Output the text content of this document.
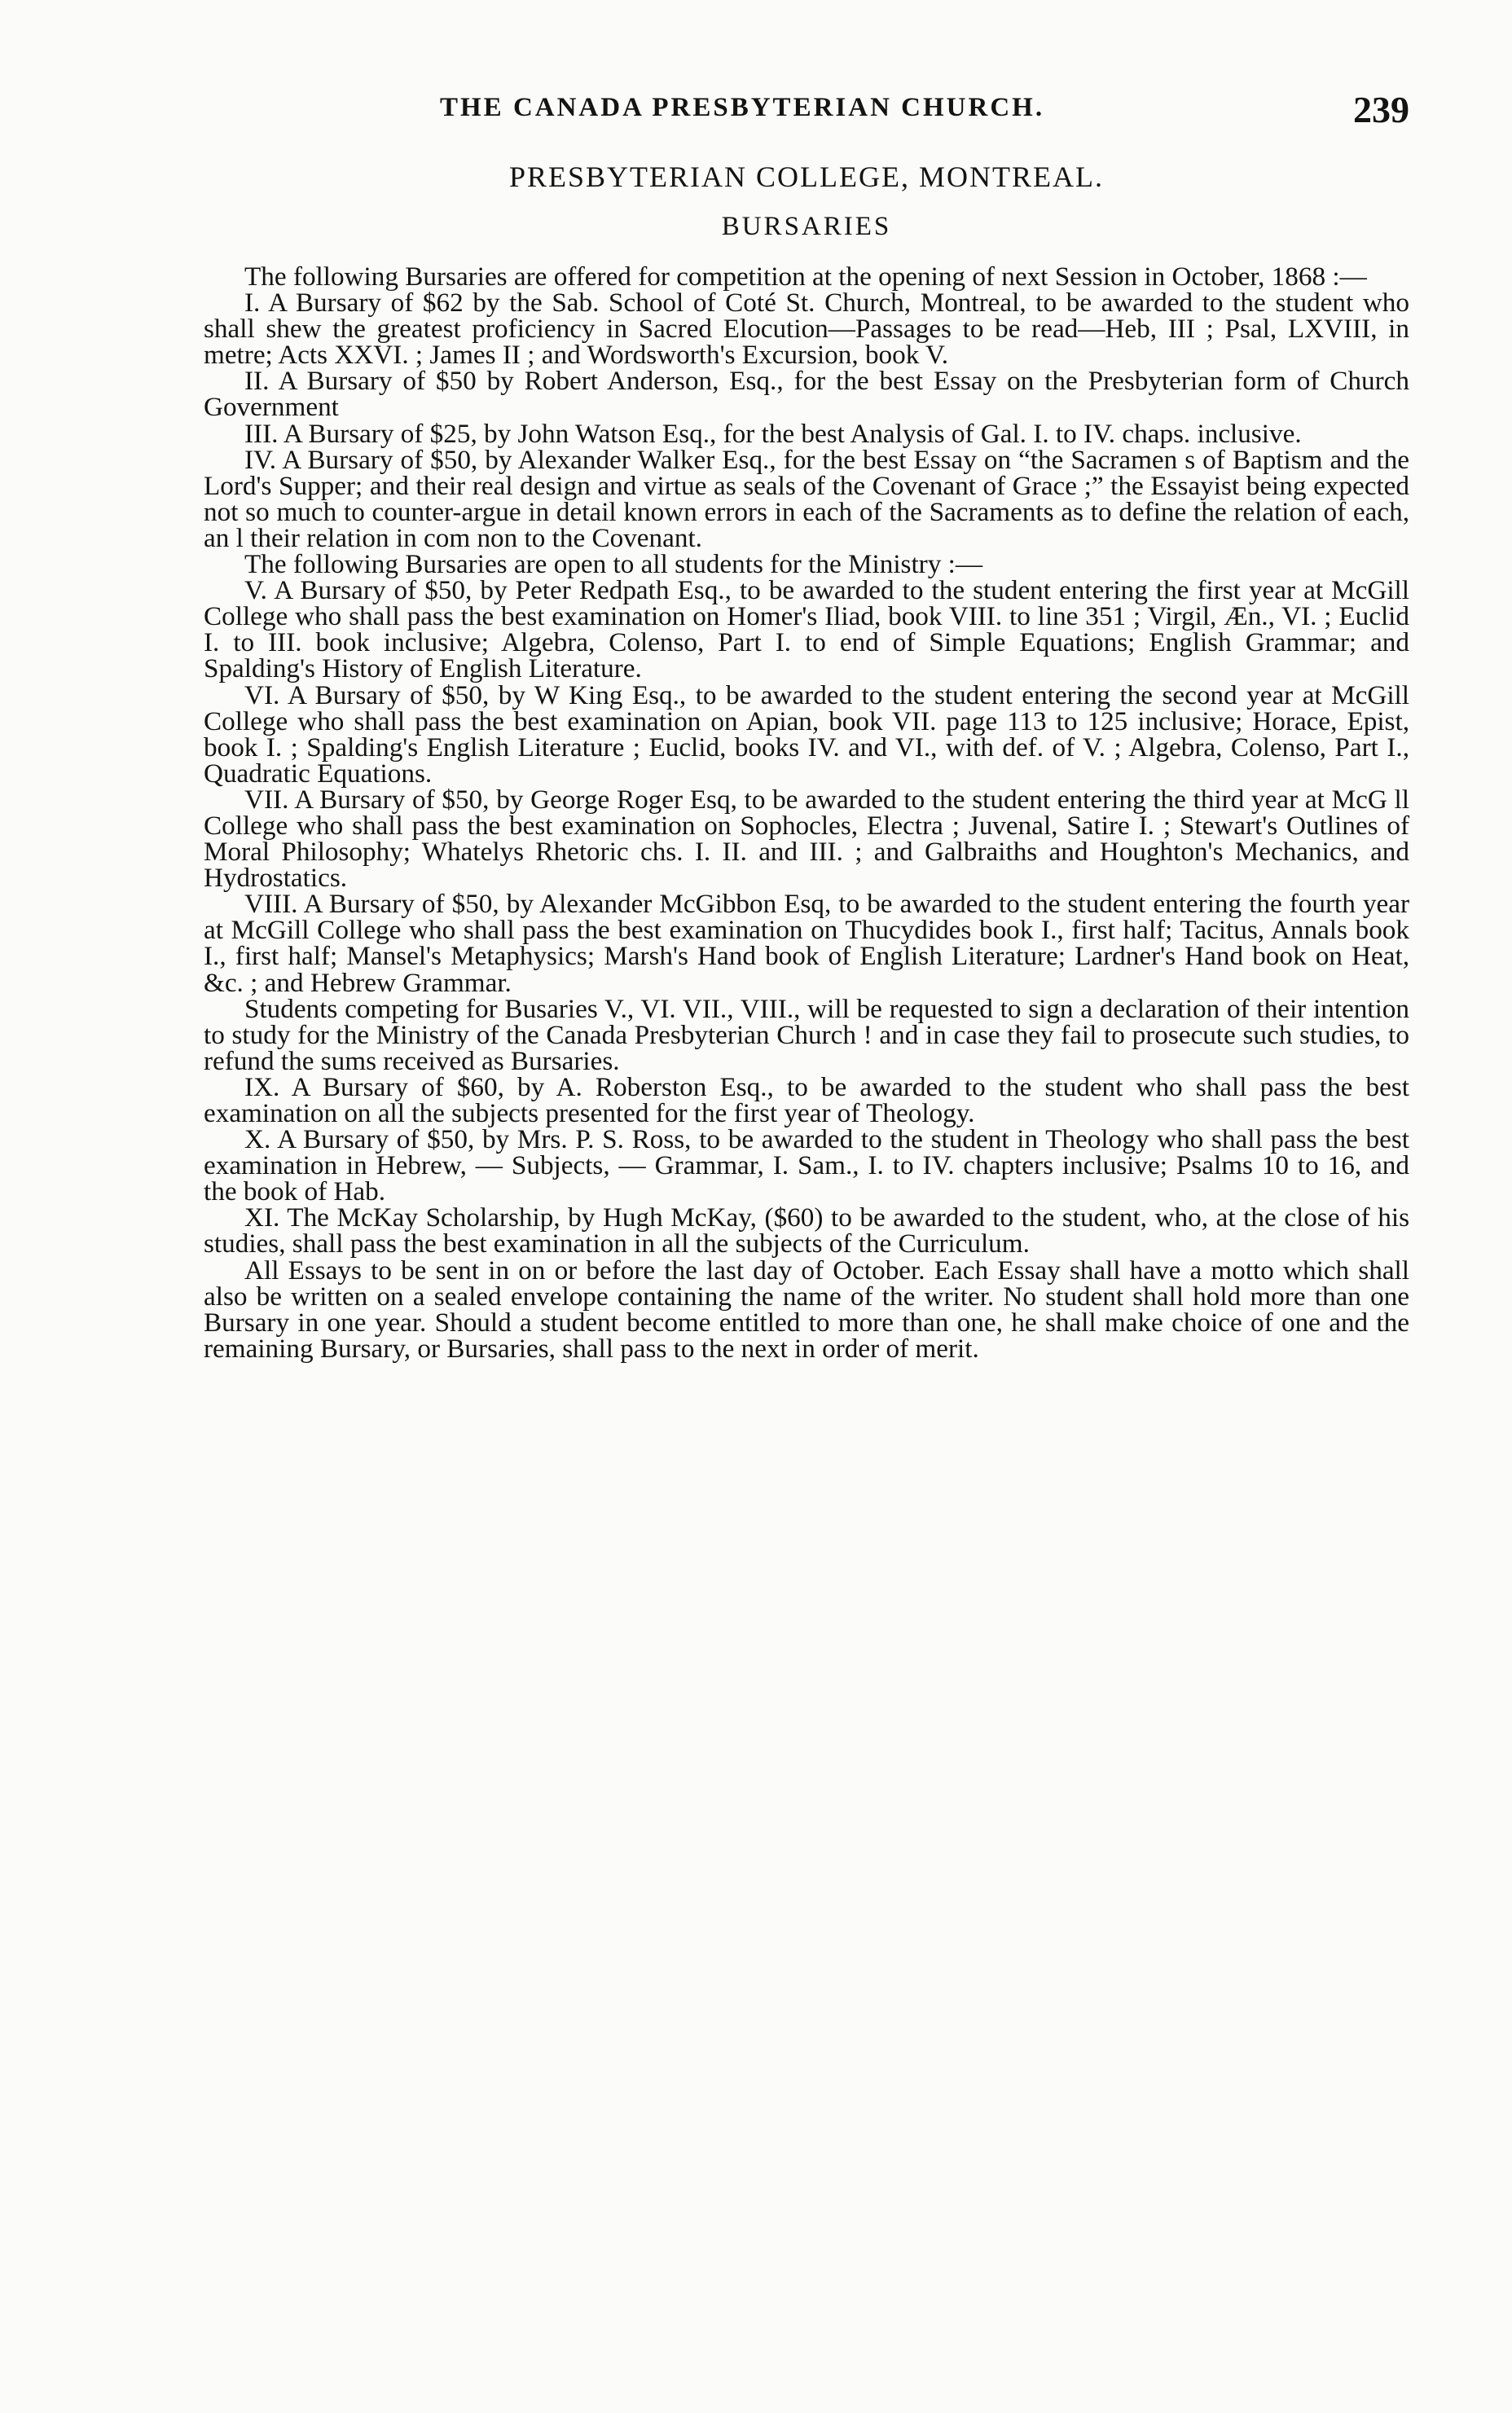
THE CANADA PRESBYTERIAN CHURCH.	239
PRESBYTERIAN COLLEGE, MONTREAL.
BURSARIES

The following Bursaries are offered for competition at the opening of next Session in October, 1868 :—

I. A Bursary of $62 by the Sab. School of Coté St. Church, Montreal, to be awarded to the student who shall shew the greatest proficiency in Sacred Elocution—Passages to be read—Heb, III ; Psal, LXVIII, in metre; Acts XXVI. ; James II ; and Wordsworth's Excursion, book V.

II. A Bursary of $50 by Robert Anderson, Esq., for the best Essay on the Presbyterian form of Church Government

III. A Bursary of $25, by John Watson Esq., for the best Analysis of Gal. I. to IV. chaps. inclusive.

IV. A Bursary of $50, by Alexander Walker Esq., for the best Essay on “the Sacramen s of Baptism and the Lord's Supper; and their real design and virtue as seals of the Covenant of Grace ;” the Essayist being expected not so much to counter-argue in detail known errors in each of the Sacraments as to define the relation of each, an l their relation in com non to the Covenant.

The following Bursaries are open to all students for the Ministry :—

V. A Bursary of $50, by Peter Redpath Esq., to be awarded to the student entering the first year at McGill College who shall pass the best examination on Homer's Iliad, book VIII. to line 351 ; Virgil, Æn., VI. ; Euclid I. to III. book inclusive; Algebra, Colenso, Part I. to end of Simple Equations; English Grammar; and Spalding's History of English Literature.

VI. A Bursary of $50, by W King Esq., to be awarded to the student entering the second year at McGill College who shall pass the best examination on Apian, book VII. page 113 to 125 inclusive; Horace, Epist, book I. ; Spalding's English Literature ; Euclid, books IV. and VI., with def. of V. ; Algebra, Colenso, Part I., Quadratic Equations.

VII. A Bursary of $50, by George Roger Esq, to be awarded to the student entering the third year at McG ll College who shall pass the best examination on Sophocles, Electra ; Juvenal, Satire I. ; Stewart's Outlines of Moral Philosophy; Whatelys Rhetoric chs. I. II. and III. ; and Galbraiths and Houghton's Mechanics, and Hydrostatics.

VIII. A Bursary of $50, by Alexander McGibbon Esq, to be awarded to the student entering the fourth year at McGill College who shall pass the best examination on Thucydides book I., first half; Tacitus, Annals book I., first half; Mansel's Metaphysics; Marsh's Hand book of English Literature; Lardner's Hand book on Heat, &c. ; and Hebrew Grammar.

Students competing for Busaries V., VI. VII., VIII., will be requested to sign a declaration of their intention to study for the Ministry of the Canada Presbyterian Church ! and in case they fail to prosecute such studies, to refund the sums received as Bursaries.

IX. A Bursary of $60, by A. Roberston Esq., to be awarded to the student who shall pass the best examination on all the subjects presented for the first year of Theology.

X. A Bursary of $50, by Mrs. P. S. Ross, to be awarded to the student in Theology who shall pass the best examination in Hebrew, — Subjects, — Grammar, I. Sam., I. to IV. chapters inclusive; Psalms 10 to 16, and the book of Hab.

XI. The McKay Scholarship, by Hugh McKay, ($60) to be awarded to the student, who, at the close of his studies, shall pass the best examination in all the subjects of the Curriculum.

All Essays to be sent in on or before the last day of October. Each Essay shall have a motto which shall also be written on a sealed envelope containing the name of the writer. No student shall hold more than one Bursary in one year. Should a student become entitled to more than one, he shall make choice of one and the remaining Bursary, or Bursaries, shall pass to the next in order of merit.
